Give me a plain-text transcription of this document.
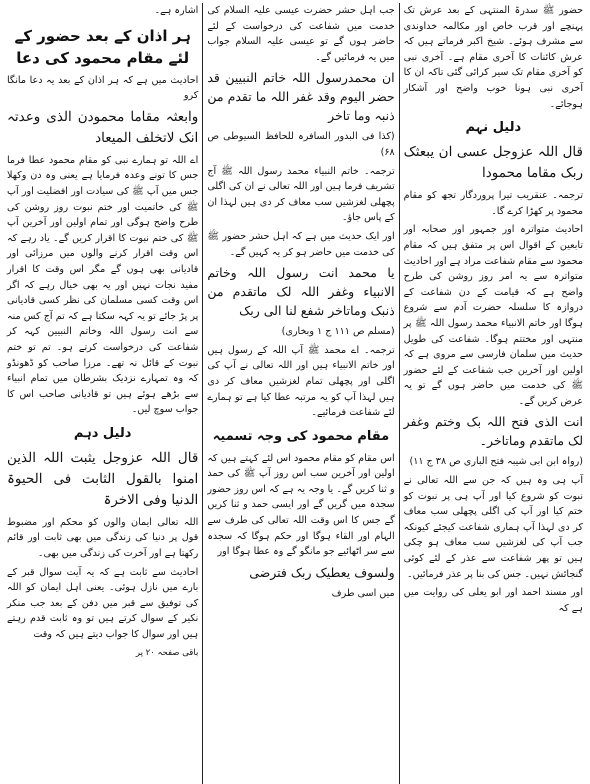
حضور ﷺ سدرۃ المنتہی کے بعد عرش تک پہنچے اور قرب خاص اور مکالمہ خداوندی سے مشرف ہوئے۔ شیخ اکبر فرماتے ہیں کہ عرش کائنات کا آخری مقام ہے۔ آخری نبی کو آخری مقام تک سیر کرائی گئی تاکہ ان کا آخری نبی ہونا خوب واضح اور آشکار ہوجائے۔

دلیل نہم

قال اللہ عزوجل عسی ان یبعثک ربک مقاما محمودا

ترجمہ۔ عنقریب تیرا پروردگار تجھ کو مقام محمود پر کھڑا کرے گا۔

احادیث متواترہ اور جمہور اور صحابہ اور تابعین کے اقوال اس پر متفق ہیں کہ مقام محمود سے مقام شفاعت مراد ہے اور احادیث متواترہ سے یہ امر روز روشن کی طرح واضح ہے کہ قیامت کے دن شفاعت کے دروازہ کا سلسلہ حضرت آدم سے شروع ہوگا اور خاتم الانبیاء محمد رسول اللہ ﷺ پر منتہی اور مختتم ہوگا۔ شفاعت کی طویل حدیث میں سلمان فارسی سے مروی ہے کہ اولین اور آخرین جب شفاعت کے لئے حضور ﷺ کی خدمت میں حاضر ہوں گے تو یہ عرض کریں گے۔

انت الذی فتح اللہ بک وختم وغفر لک ماتقدم وماتاخر۔

(رواہ ابن ابی شیبہ فتح الباری ص ۳۸ ج ۱۱)

آپ ہی وہ ہیں کہ جن سے اللہ تعالی نے نبوت کو شروع کیا اور آپ ہی پر نبوت کو ختم کیا اور آپ کی اگلی پچھلی سب معاف کر دی لہذا آپ ہماری شفاعت کیجئے کیونکہ جب آپ کی لغزشیں سب معاف ہو چکی ہیں تو پھر شفاعت سے عذر کے لئے کوئی گنجائش نہیں۔ جس کی بنا پر عذر فرمائیں۔

اور مسند احمد اور ابو یعلی کی روایت میں ہے کہ

جب اہل حشر حضرت عیسی علیہ السلام کی خدمت میں شفاعت کی درخواست کے لئے حاضر ہوں گے تو عیسی علیہ السلام جواب میں یہ فرمائیں گے۔

ان محمدرسول اللہ خاتم النبیین قد حضر الیوم وقد غفر اللہ ما تقدم من ذنبہ وما تاخر

(کذا فی البدور السافرہ للحافظ السیوطی ص ۶۸)

ترجمہ۔ خاتم النبیاء محمد رسول اللہ ﷺ آج تشریف فرما ہیں اور اللہ تعالی نے ان کی اگلی پچھلی لغزشیں سب معاف کر دی ہیں لہذا ان کے پاس جاؤ۔

اور ایک حدیث میں ہے کہ اہل حشر حضور ﷺ کی خدمت میں حاضر ہو کر یہ کہیں گے۔

یا محمد انت رسول اللہ وخاتم الانبیاء وغفر اللہ لک ماتقدم من ذنبک وماتاخر شفع لنا الی ربک

(مسلم ص ۱۱۱ ج ۱ وبخاری)

ترجمہ۔ اے محمد ﷺ آپ اللہ کے رسول ہیں اور خاتم الانبیاء ہیں اور اللہ تعالی نے آپ کی اگلی اور پچھلی تمام لغزشیں معاف کر دی ہیں لہذا آپ کو یہ مرتبہ عطا کیا ہے تو ہمارے لئے شفاعت فرمائیے۔

مقام محمود کی وجہ تسمیہ

اس مقام کو مقام محمود اس لئے کہتے ہیں کہ اولین اور آخرین سب اس روز آپ ﷺ کی حمد و ثنا کریں گے۔ یا وجہ یہ ہے کہ اس روز حضور سجدہ میں گریں گے اور ایسی حمد و ثنا کریں گے جس کا اس وقت اللہ تعالی کی طرف سے الہام اور القاء ہوگا اور حکم ہوگا کہ سجدہ سے سر اٹھائیے جو مانگو گے وہ عطا ہوگا اور

ولسوف یعطیک ربک فترضی

میں اسی طرف

اشارہ ہے۔

ہر اذان کے بعد حضور کے لئے مقام محمود کی دعا

احادیث میں ہے کہ ہر اذان کے بعد یہ دعا مانگا کرو

وابعثہ مقاما محمودن الذی وعدتہ انک لاتخلف المیعاد

اے اللہ تو ہمارے نبی کو مقام محمود عطا فرما جس کا تونے وعدہ فرمایا ہے یعنی وہ دن وکھلا جس میں آپ ﷺ کی سیادت اور افضلیت اور آپ ﷺ کی خاتمیت اور ختم نبوت روز روشن کی طرح واضح ہوگی اور تمام اولین اور آخرین آپ ﷺ کی ختم نبوت کا اقرار کریں گے۔ یاد رہے کہ اس وقت اقرار کرنے والوں میں مرزائی اور قادیانی بھی ہوں گے مگر اس وقت کا اقرار مفید نجات نہیں اور یہ بھی خیال رہے کہ اگر اس وقت کسی مسلمان کی نظر کسی قادیانی پر پڑ جائے تو یہ کہہ سکتا ہے کہ تم آج کس منہ سے انت رسول اللہ وخاتم النبیین کہہ کر شفاعت کی درخواست کرتے ہو۔ تم تو ختم نبوت کے قائل نہ تھے۔ مرزا صاحب کو ڈھونڈو کہ وہ تمہارے نزدیک بشرطان میں تمام انبیاء سے بڑھے ہوئے ہیں تو قادیانی صاحب اس کا جواب سوچ لیں۔

دلیل دہم

قال اللہ عزوجل یثبت اللہ الذین امنوا بالقول الثابت فی الحیوۃ الدنیا وفی الاخرۃ

اللہ تعالی ایمان والوں کو محکم اور مضبوط قول پر دنیا کی زندگی میں بھی ثابت اور قائم رکھتا ہے اور آخرت کی زندگی میں بھی۔

احادیث سے ثابت ہے کہ یہ آیت سوال قبر کے بارے میں نازل ہوئی۔ یعنی اہل ایمان کو اللہ کی توفیق سے قبر میں دفن کے بعد جب منکر نکیر کے سوال کرتے ہیں تو وہ ثابت قدم رہتے ہیں اور سوال کا جواب دیتے ہیں کہ وقت

باقی صفحہ ۲۰ پر
